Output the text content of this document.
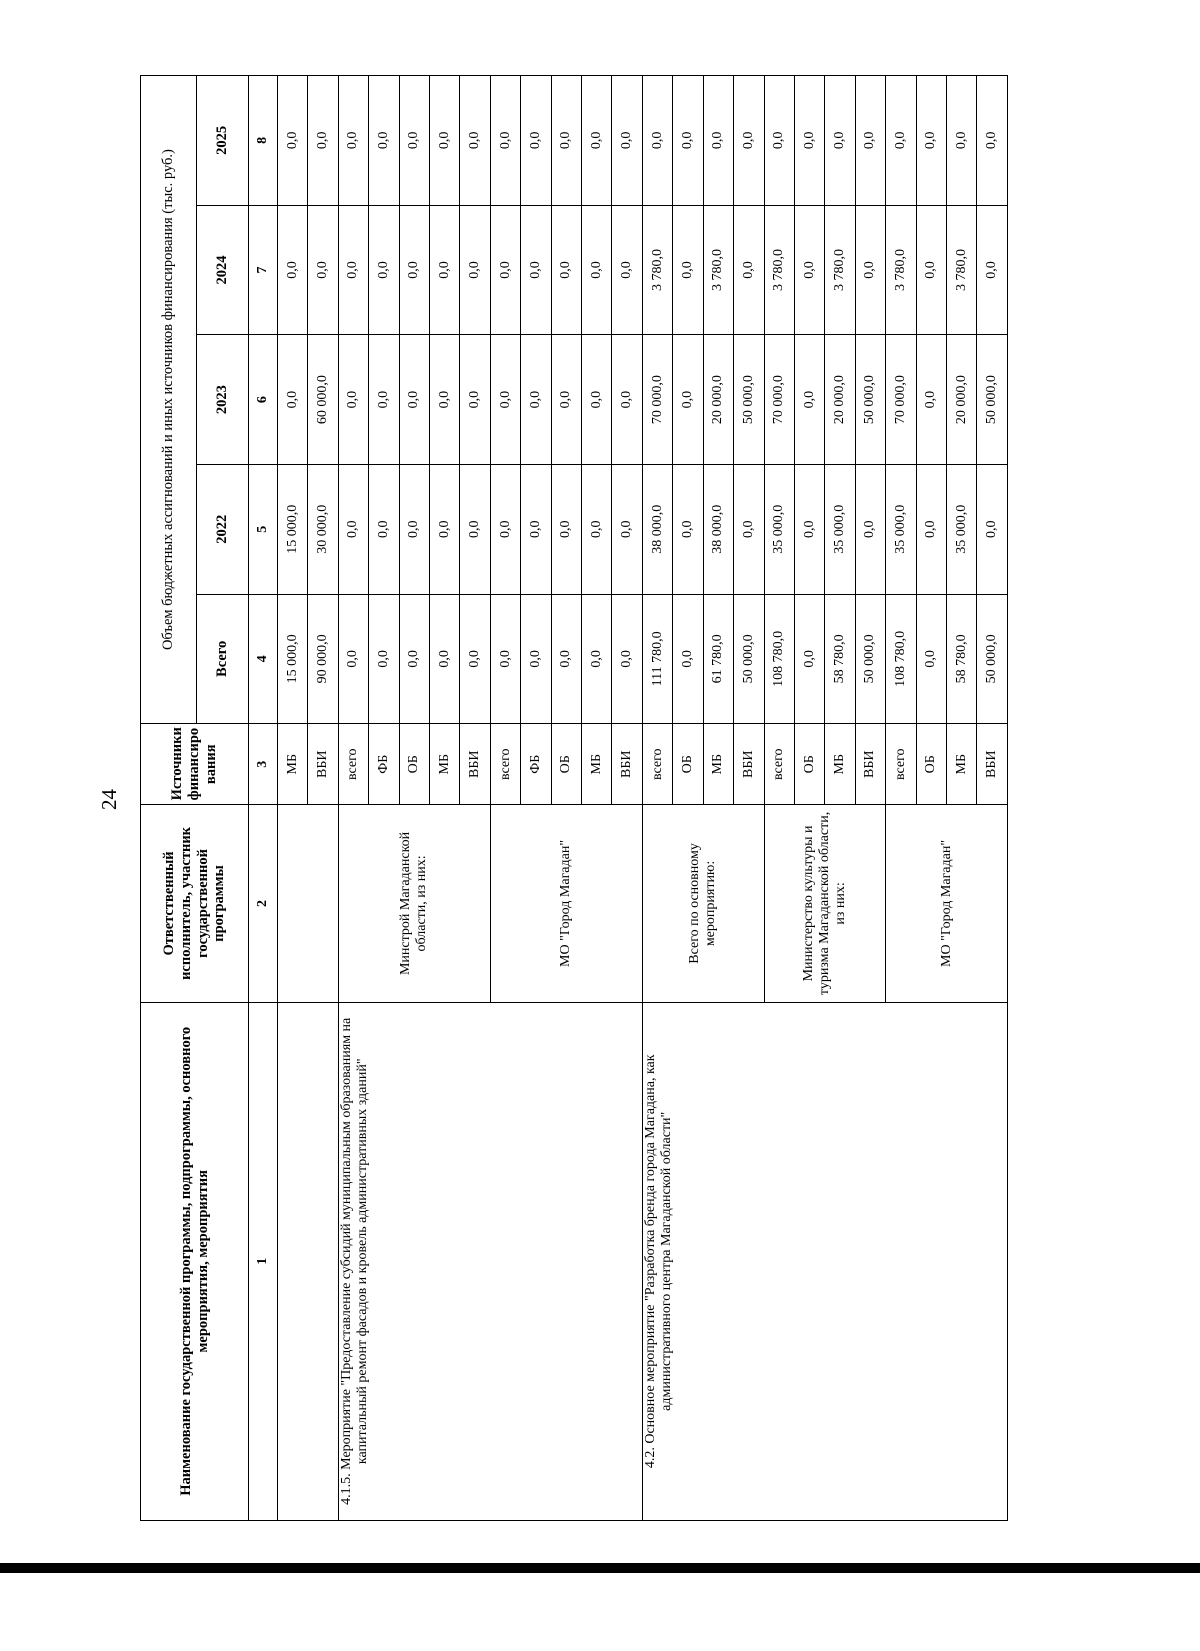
24
Наименование государственной программы, подпрограммы, основного мероприятия, мероприятия	Ответственный исполнитель, участник государственной программы	Источники финансиро вания	Объем бюджетных ассигнований и иных источников финансирования (тыс. руб.)				
			Всего	2022	2023	2024	2025
1	2	3	4	5	6	7	8
		МБ	15 000,0	15 000,0	0,0	0,0	0,0
		ВБИ	90 000,0	30 000,0	60 000,0	0,0	0,0
4.1.5. Мероприятие "Предоставление субсидий муниципальным образованиям на капитальный ремонт фасадов и кровель административных зданий"	Минстрой Магаданской области, из них:	всего	0,0	0,0	0,0	0,0	0,0
		ФБ	0,0	0,0	0,0	0,0	0,0
		ОБ	0,0	0,0	0,0	0,0	0,0
		МБ	0,0	0,0	0,0	0,0	0,0
		ВБИ	0,0	0,0	0,0	0,0	0,0
	МО "Город Магадан"	всего	0,0	0,0	0,0	0,0	0,0
		ФБ	0,0	0,0	0,0	0,0	0,0
		ОБ	0,0	0,0	0,0	0,0	0,0
		МБ	0,0	0,0	0,0	0,0	0,0
		ВБИ	0,0	0,0	0,0	0,0	0,0
4.2. Основное мероприятие "Разработка бренда города Магадана, как административного центра Магаданской области"	Всего по основному мероприятию:	всего	111 780,0	38 000,0	70 000,0	3 780,0	0,0
		ОБ	0,0	0,0	0,0	0,0	0,0
		МБ	61 780,0	38 000,0	20 000,0	3 780,0	0,0
		ВБИ	50 000,0	0,0	50 000,0	0,0	0,0
	Министерство культуры и туризма Магаданской области, из них:	всего	108 780,0	35 000,0	70 000,0	3 780,0	0,0
		ОБ	0,0	0,0	0,0	0,0	0,0
		МБ	58 780,0	35 000,0	20 000,0	3 780,0	0,0
		ВБИ	50 000,0	0,0	50 000,0	0,0	0,0
	МО "Город Магадан"	всего	108 780,0	35 000,0	70 000,0	3 780,0	0,0
		ОБ	0,0	0,0	0,0	0,0	0,0
		МБ	58 780,0	35 000,0	20 000,0	3 780,0	0,0
		ВБИ	50 000,0	0,0	50 000,0	0,0	0,0
